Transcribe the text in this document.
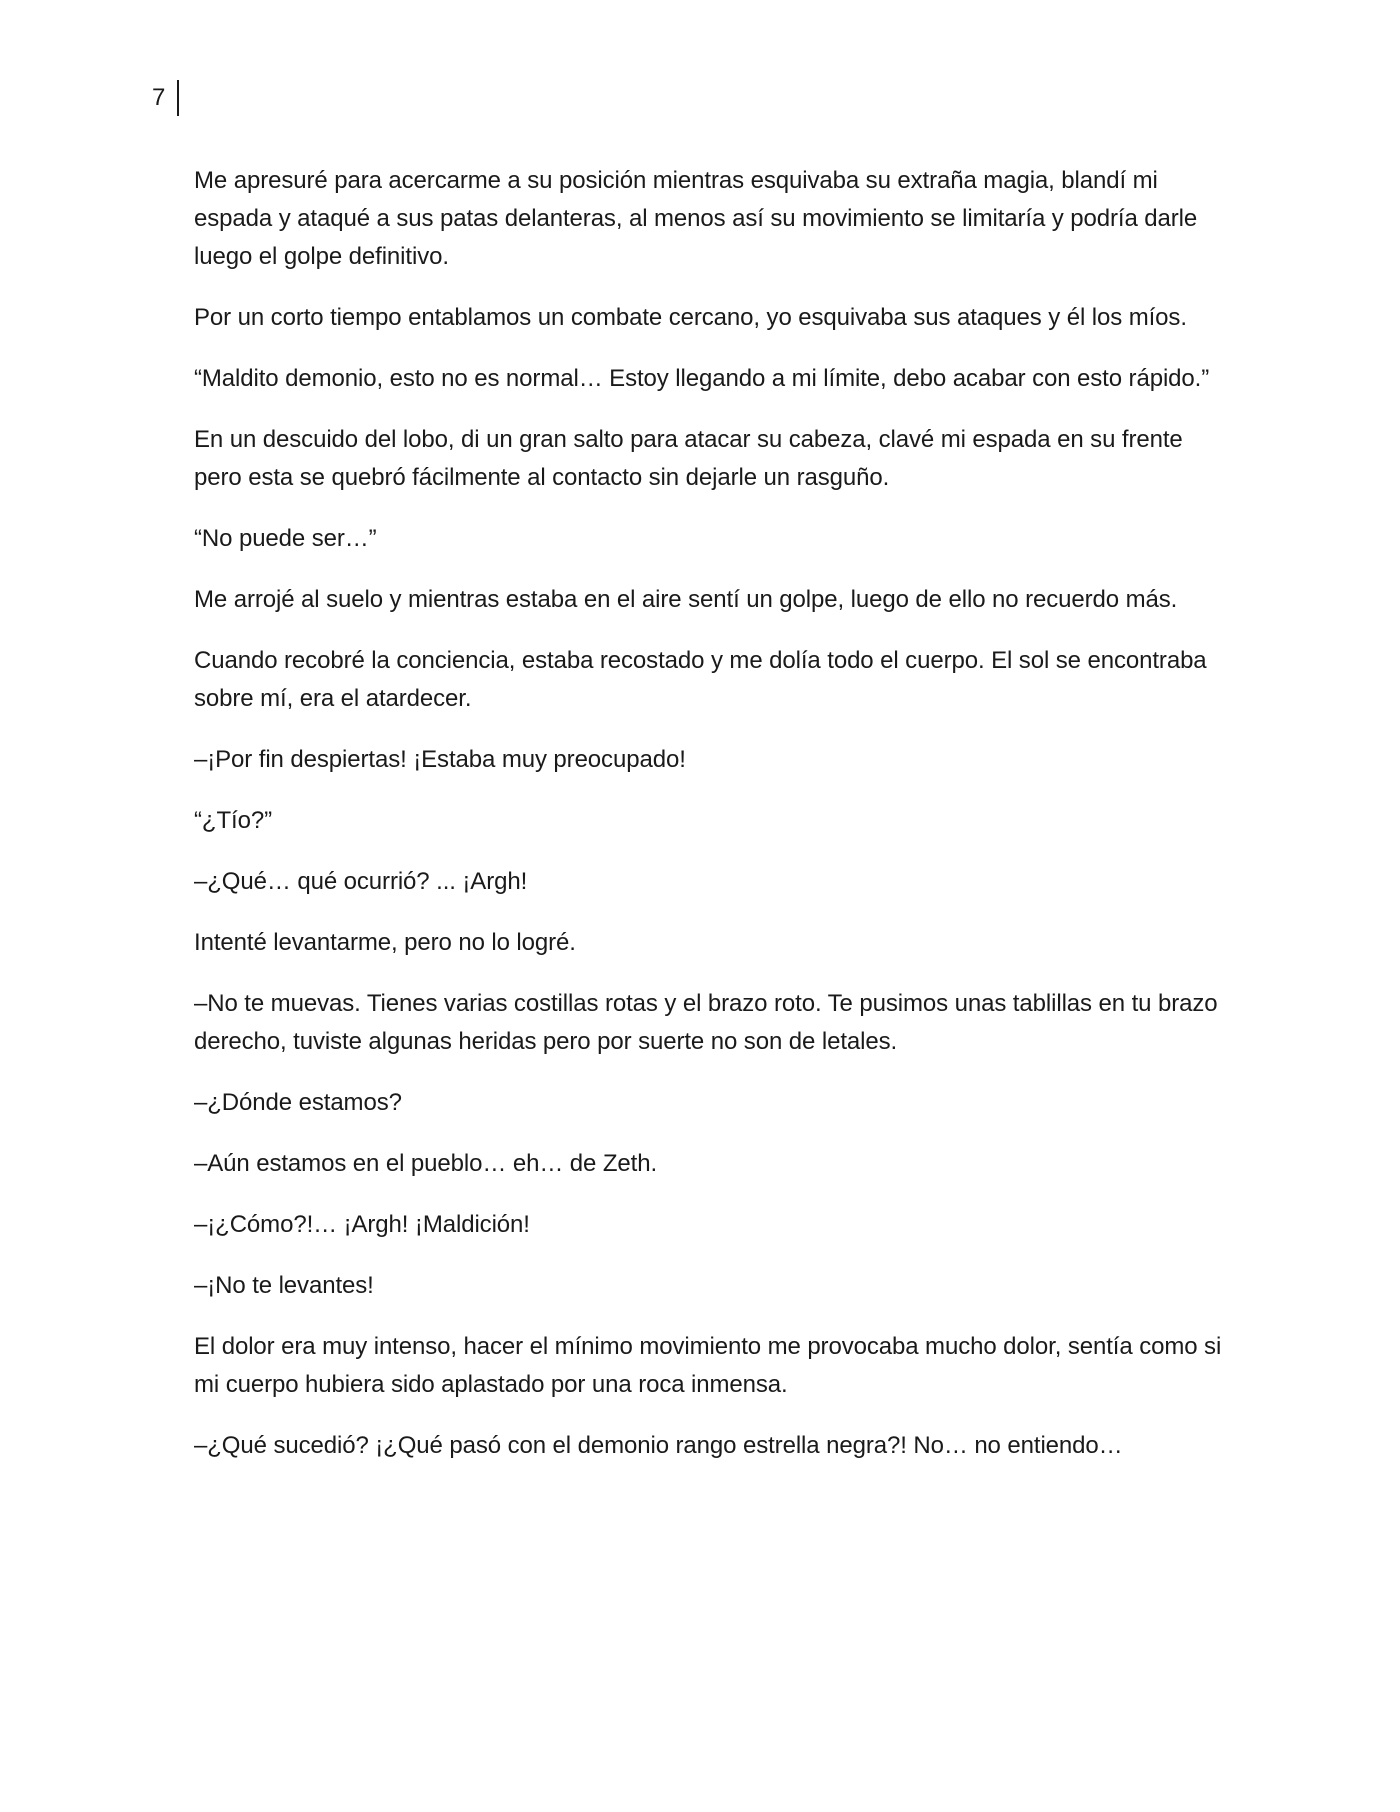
7

Me apresuré para acercarme a su posición mientras esquivaba su extraña magia, blandí mi espada y ataqué a sus patas delanteras, al menos así su movimiento se limitaría y podría darle luego el golpe definitivo.

Por un corto tiempo entablamos un combate cercano, yo esquivaba sus ataques y él los míos.

“Maldito demonio, esto no es normal… Estoy llegando a mi límite, debo acabar con esto rápido.”

En un descuido del lobo, di un gran salto para atacar su cabeza, clavé mi espada en su frente pero esta se quebró fácilmente al contacto sin dejarle un rasguño.

“No puede ser…”

Me arrojé al suelo y mientras estaba en el aire sentí un golpe, luego de ello no recuerdo más.

Cuando recobré la conciencia, estaba recostado y me dolía todo el cuerpo. El sol se encontraba sobre mí, era el atardecer.

–¡Por fin despiertas! ¡Estaba muy preocupado!

“¿Tío?”

–¿Qué… qué ocurrió? ... ¡Argh!

Intenté levantarme, pero no lo logré.

–No te muevas. Tienes varias costillas rotas y el brazo roto. Te pusimos unas tablillas en tu brazo derecho, tuviste algunas heridas pero por suerte no son de letales.

–¿Dónde estamos?

–Aún estamos en el pueblo… eh… de Zeth.

–¡¿Cómo?!… ¡Argh! ¡Maldición!

–¡No te levantes!

El dolor era muy intenso, hacer el mínimo movimiento me provocaba mucho dolor, sentía como si mi cuerpo hubiera sido aplastado por una roca inmensa.

–¿Qué sucedió? ¡¿Qué pasó con el demonio rango estrella negra?! No… no entiendo…
